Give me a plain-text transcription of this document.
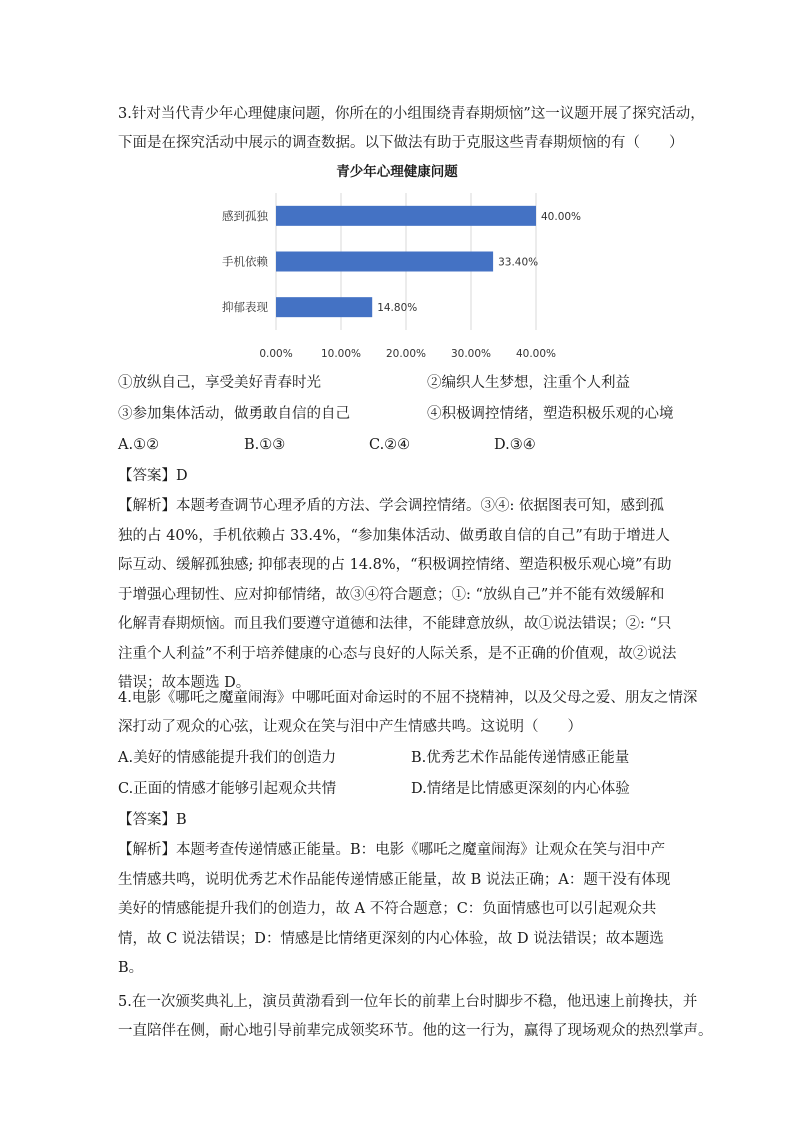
3.针对当代青少年心理健康问题，你所在的小组围绕青春期烦恼”这一议题开展了探究活动，
下面是在探究活动中展示的调查数据。以下做法有助于克服这些青春期烦恼的有（　　）
青少年心理健康问题
0.00%	10.00% 20.00% 30.00% 40.00%
感到孤独	40.00%
手机依赖	33.40%
抑郁表现	14.80%
①放纵自己，享受美好青春时光	②编织人生梦想，注重个人利益
③参加集体活动，做勇敢自信的自己	④积极调控情绪，塑造积极乐观的心境
A.①②	B.①③	C.②④	D.③④
【答案】D
【解析】本题考查调节心理矛盾的方法、学会调控情绪。③④: 依据图表可知，感到孤独的占 40%，手机依赖占 33.4%，“参加集体活动、做勇敢自信的自己”有助于增进人际互动、缓解孤独感; 抑郁表现的占 14.8%，“积极调控情绪、塑造积极乐观心境”有助于增强心理韧性、应对抑郁情绪，故③④符合题意；①: “放纵自己”并不能有效缓解和化解青春期烦恼。而且我们要遵守道德和法律，不能肆意放纵，故①说法错误；②: “只注重个人利益”不利于培养健康的心态与良好的人际关系，是不正确的价值观，故②说法错误；故本题选 D。
4.电影《哪吒之魔童闹海》中哪吒面对命运时的不屈不挠精神，以及父母之爱、朋友之情深
深打动了观众的心弦，让观众在笑与泪中产生情感共鸣。这说明（　　）
A.美好的情感能提升我们的创造力	B.优秀艺术作品能传递情感正能量
C.正面的情感才能够引起观众共情	D.情绪是比情感更深刻的内心体验
【答案】B
【解析】本题考查传递情感正能量。B：电影《哪吒之魔童闹海》让观众在笑与泪中产生情感共鸣，说明优秀艺术作品能传递情感正能量，故 B 说法正确；A：题干没有体现美好的情感能提升我们的创造力，故 A 不符合题意；C：负面情感也可以引起观众共情，故 C 说法错误；D：情感是比情绪更深刻的内心体验，故 D 说法错误；故本题选 B。
5.在一次颁奖典礼上，演员黄渤看到一位年长的前辈上台时脚步不稳，他迅速上前搀扶，并
一直陪伴在侧，耐心地引导前辈完成领奖环节。他的这一行为，赢得了现场观众的热烈掌声。
